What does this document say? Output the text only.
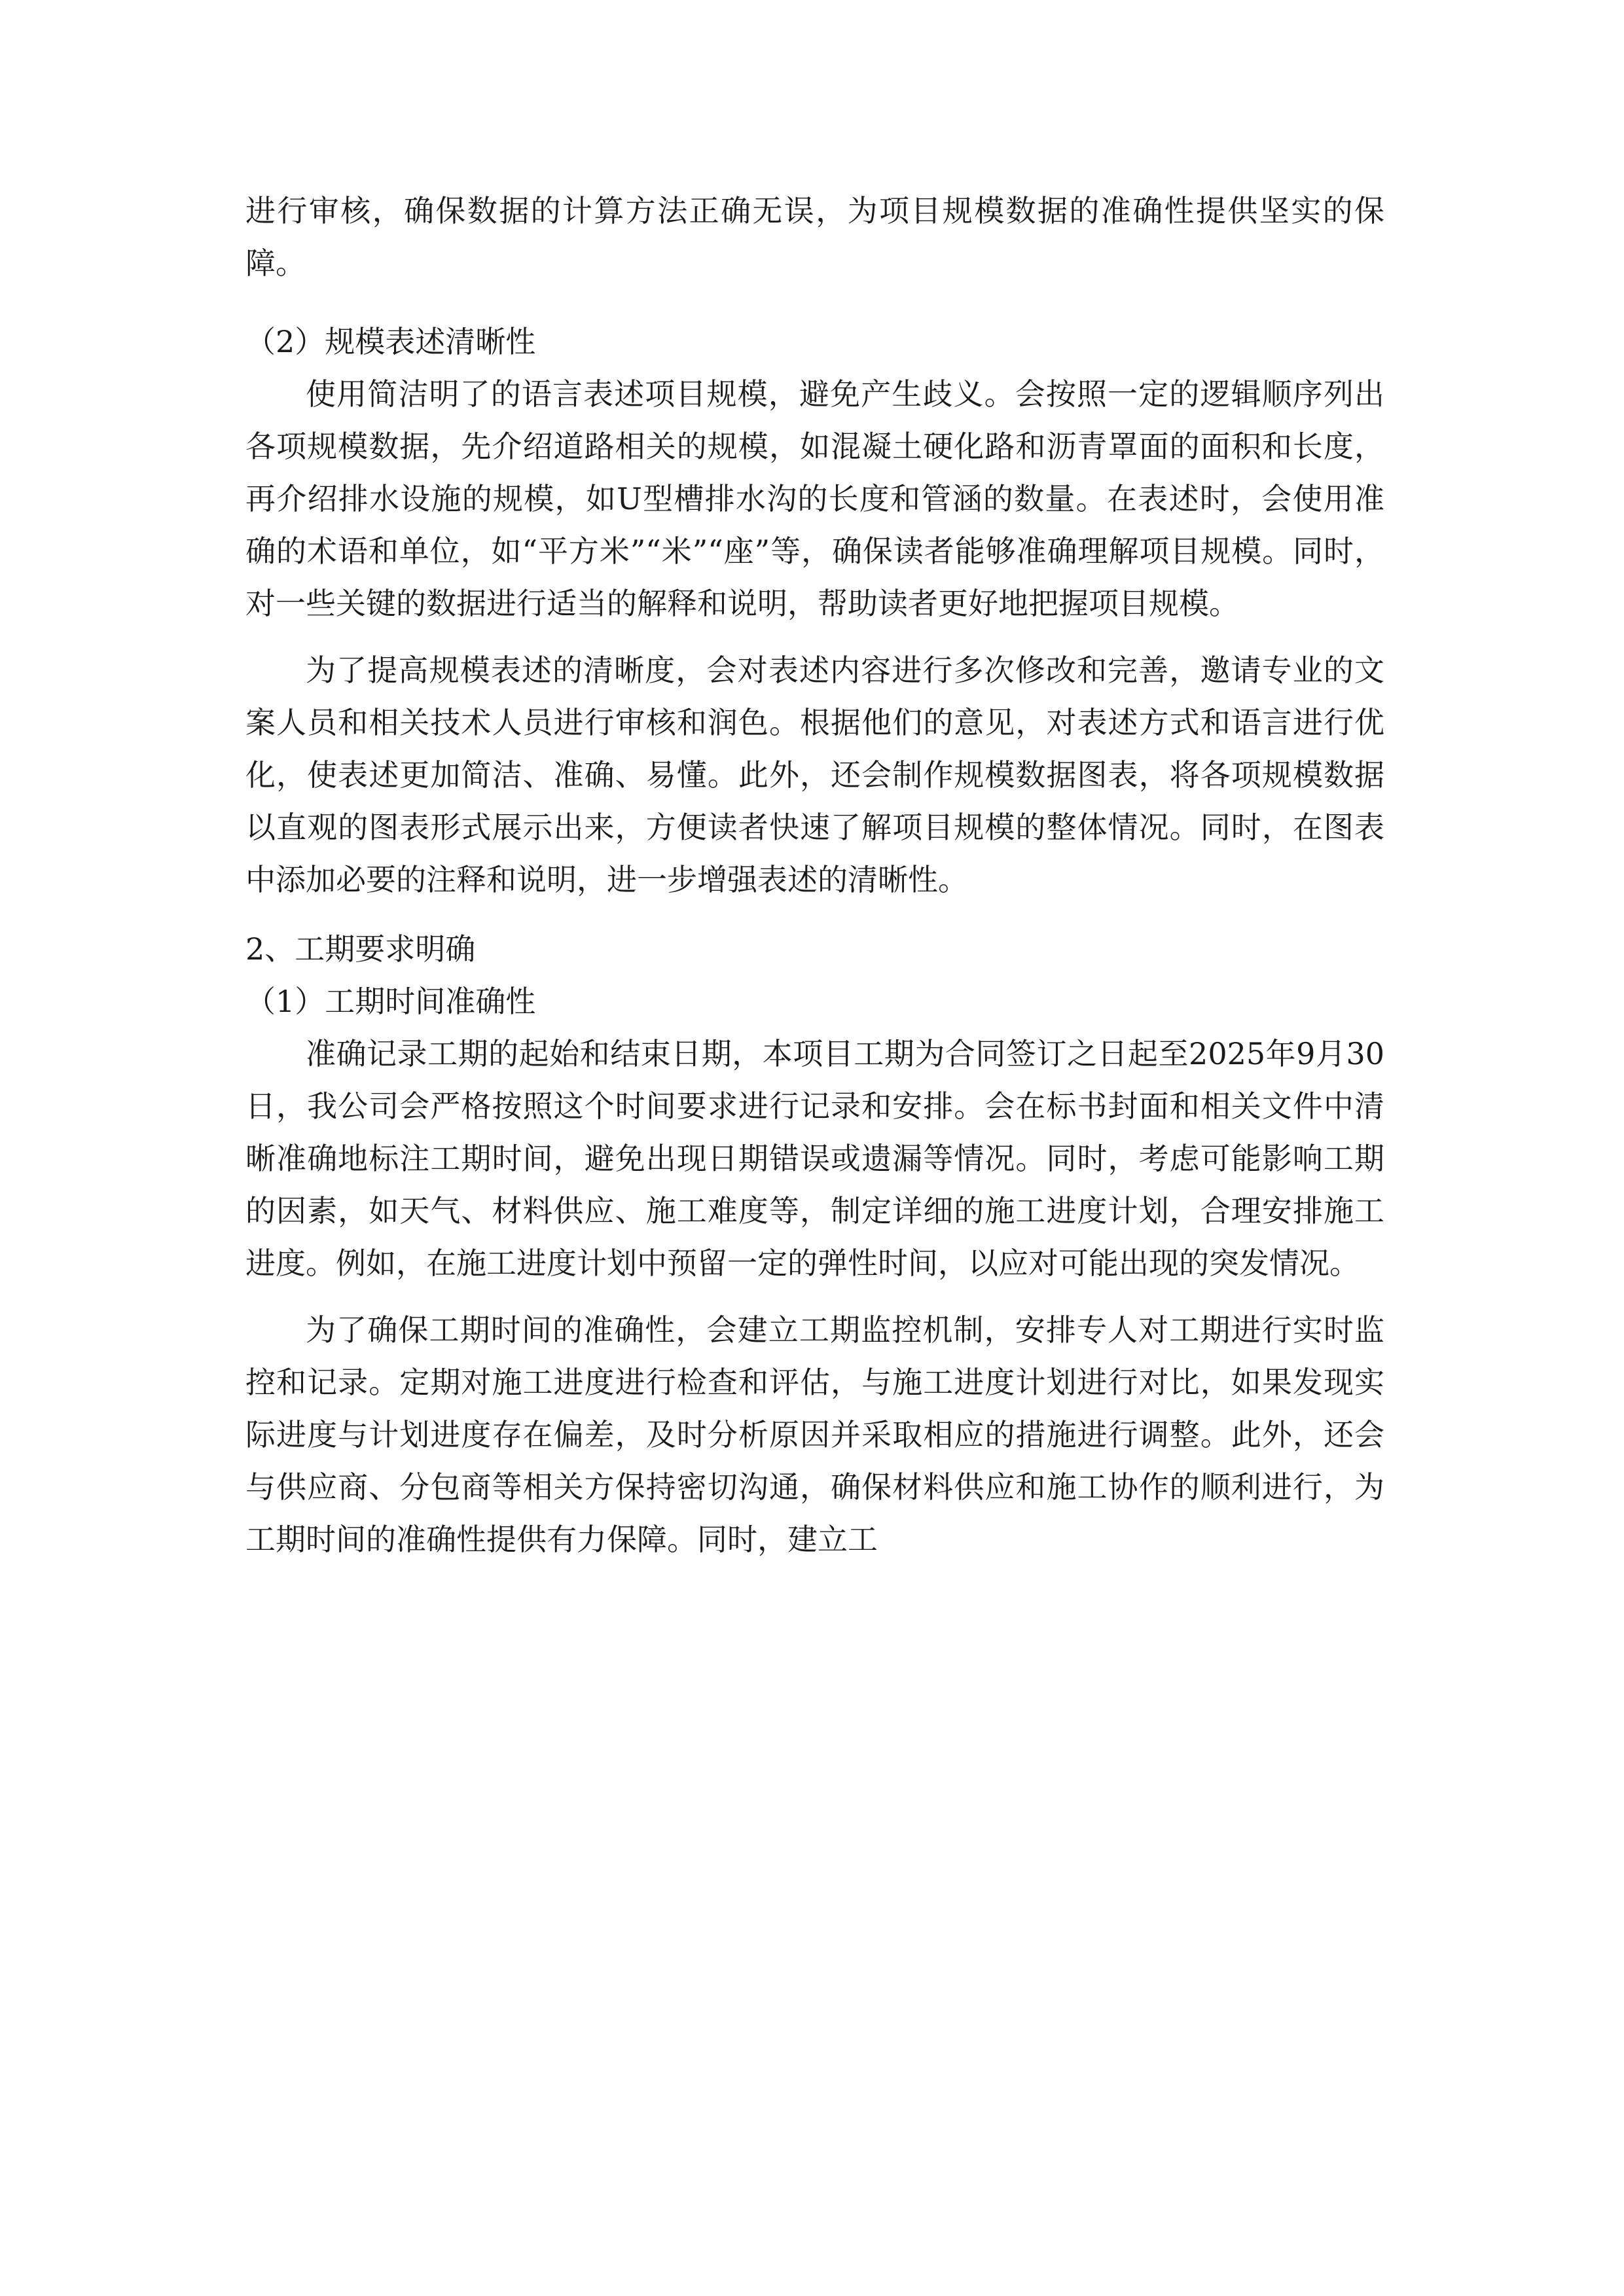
进行审核，确保数据的计算方法正确无误，为项目规模数据的准确性提供坚实的保障。

（2）规模表述清晰性

使用简洁明了的语言表述项目规模，避免产生歧义。会按照一定的逻辑顺序列出各项规模数据，先介绍道路相关的规模，如混凝土硬化路和沥青罩面的面积和长度，再介绍排水设施的规模，如U型槽排水沟的长度和管涵的数量。在表述时，会使用准确的术语和单位，如“平方米”“米”“座”等，确保读者能够准确理解项目规模。同时，对一些关键的数据进行适当的解释和说明，帮助读者更好地把握项目规模。

为了提高规模表述的清晰度，会对表述内容进行多次修改和完善，邀请专业的文案人员和相关技术人员进行审核和润色。根据他们的意见，对表述方式和语言进行优化，使表述更加简洁、准确、易懂。此外，还会制作规模数据图表，将各项规模数据以直观的图表形式展示出来，方便读者快速了解项目规模的整体情况。同时，在图表中添加必要的注释和说明，进一步增强表述的清晰性。

2、工期要求明确

（1）工期时间准确性

准确记录工期的起始和结束日期，本项目工期为合同签订之日起至2025年9月30日，我公司会严格按照这个时间要求进行记录和安排。会在标书封面和相关文件中清晰准确地标注工期时间，避免出现日期错误或遗漏等情况。同时，考虑可能影响工期的因素，如天气、材料供应、施工难度等，制定详细的施工进度计划，合理安排施工进度。例如，在施工进度计划中预留一定的弹性时间，以应对可能出现的突发情况。

为了确保工期时间的准确性，会建立工期监控机制，安排专人对工期进行实时监控和记录。定期对施工进度进行检查和评估，与施工进度计划进行对比，如果发现实际进度与计划进度存在偏差，及时分析原因并采取相应的措施进行调整。此外，还会与供应商、分包商等相关方保持密切沟通，确保材料供应和施工协作的顺利进行，为工期时间的准确性提供有力保障。同时，建立工
